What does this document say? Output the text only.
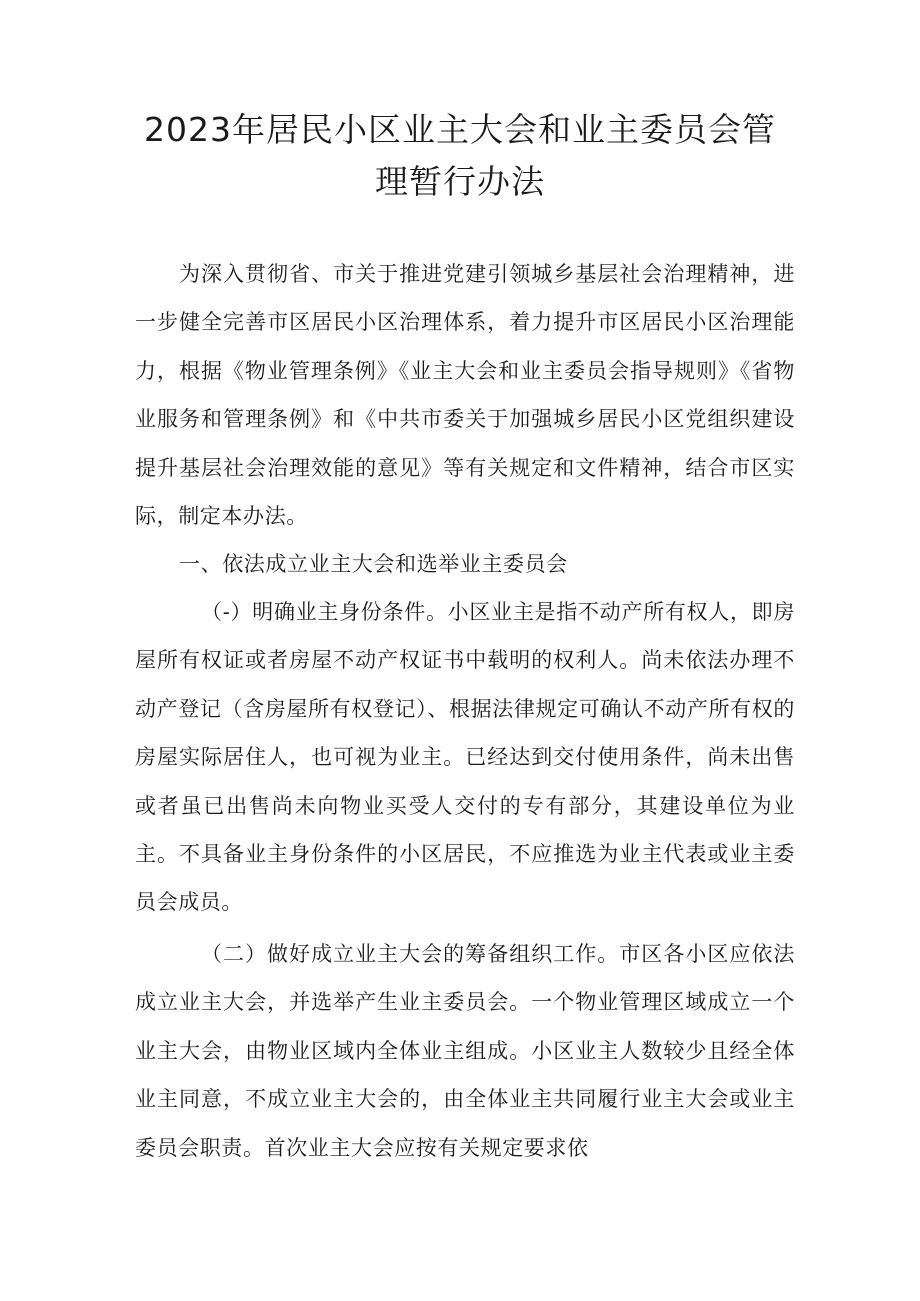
2023年居民小区业主大会和业主委员会管
理暂行办法

为深入贯彻省、市关于推进党建引领城乡基层社会治理精神，进一步健全完善市区居民小区治理体系，着力提升市区居民小区治理能力，根据《物业管理条例》《业主大会和业主委员会指导规则》《省物业服务和管理条例》和《中共市委关于加强城乡居民小区党组织建设提升基层社会治理效能的意见》等有关规定和文件精神，结合市区实际，制定本办法。

一、依法成立业主大会和选举业主委员会

（-）明确业主身份条件。小区业主是指不动产所有权人，即房屋所有权证或者房屋不动产权证书中载明的权利人。尚未依法办理不动产登记（含房屋所有权登记）、根据法律规定可确认不动产所有权的房屋实际居住人，也可视为业主。已经达到交付使用条件，尚未出售或者虽已出售尚未向物业买受人交付的专有部分，其建设单位为业主。不具备业主身份条件的小区居民，不应推选为业主代表或业主委员会成员。

（二）做好成立业主大会的筹备组织工作。市区各小区应依法成立业主大会，并选举产生业主委员会。一个物业管理区域成立一个业主大会，由物业区域内全体业主组成。小区业主人数较少且经全体业主同意，不成立业主大会的，由全体业主共同履行业主大会或业主委员会职责。首次业主大会应按有关规定要求依
